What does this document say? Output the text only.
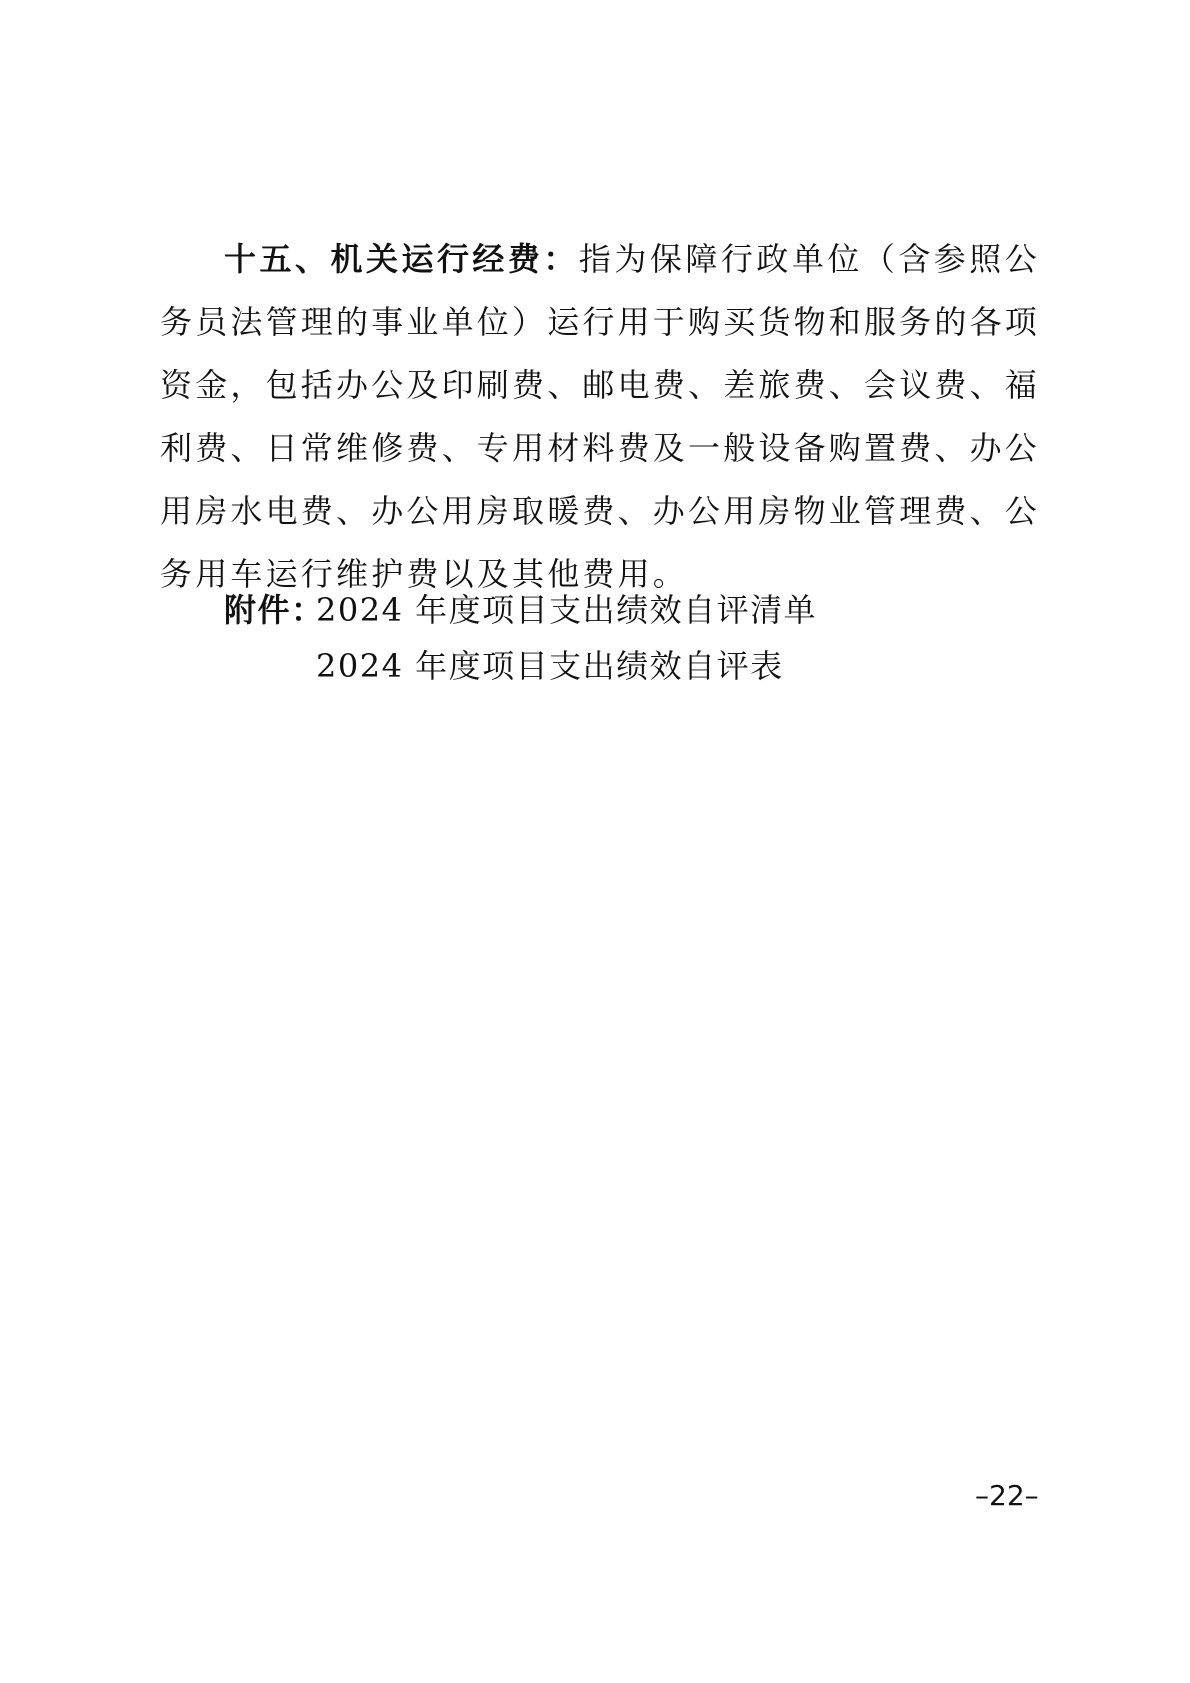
十五、机关运行经费：指为保障行政单位（含参照公务员法管理的事业单位）运行用于购买货物和服务的各项资金，包括办公及印刷费、邮电费、差旅费、会议费、福利费、日常维修费、专用材料费及一般设备购置费、办公用房水电费、办公用房取暖费、办公用房物业管理费、公务用车运行维护费以及其他费用。

附件：2024 年度项目支出绩效自评清单
2024 年度项目支出绩效自评表
–22–
